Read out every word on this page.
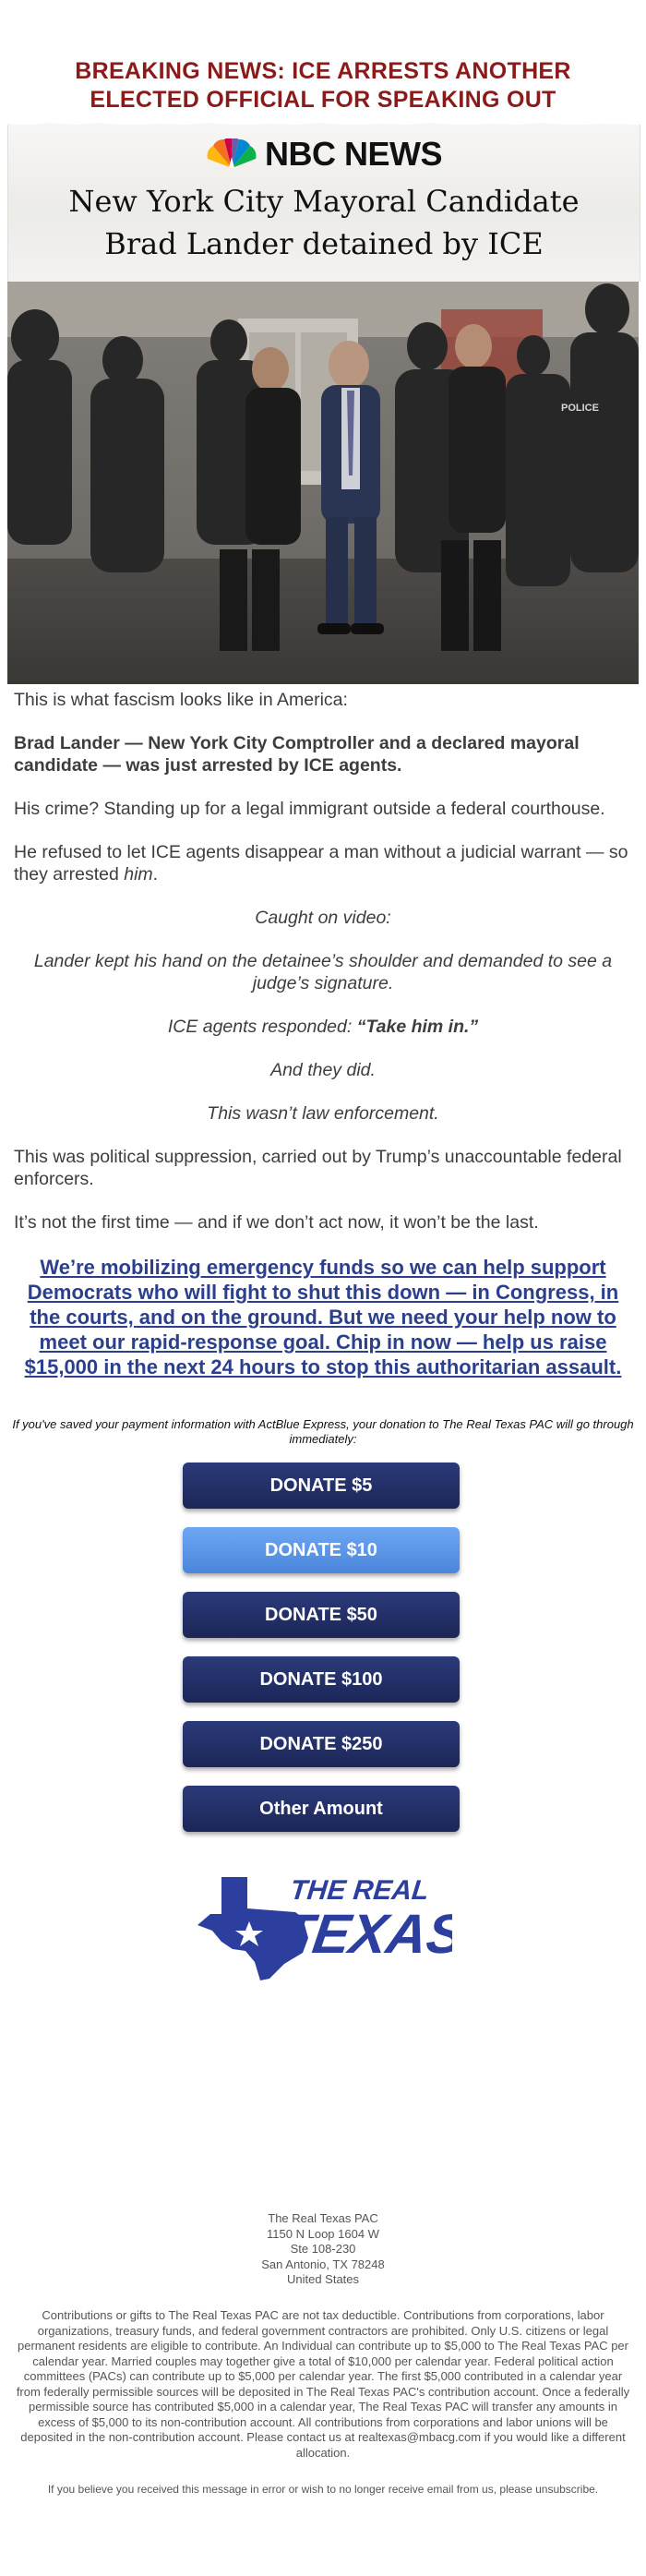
BREAKING NEWS: ICE ARRESTS ANOTHER
ELECTED OFFICIAL FOR SPEAKING OUT
NBC NEWS
New York City Mayoral Candidate
Brad Lander detained by ICE
POLICE

This is what fascism looks like in America:

Brad Lander — New York City Comptroller and a declared mayoral candidate — was just arrested by ICE agents.

His crime? Standing up for a legal immigrant outside a federal courthouse.

He refused to let ICE agents disappear a man without a judicial warrant — so they arrested him.

Caught on video:

Lander kept his hand on the detainee’s shoulder and demanded to see a judge’s signature.

ICE agents responded: “Take him in.”

And they did.

This wasn’t law enforcement.

This was political suppression, carried out by Trump’s unaccountable federal enforcers.

It’s not the first time — and if we don’t act now, it won’t be the last.

We’re mobilizing emergency funds so we can help support Democrats who will fight to shut this down — in Congress, in the courts, and on the ground. But we need your help now to meet our rapid-response goal. Chip in now — help us raise $15,000 in the next 24 hours to stop this authoritarian assault.

If you've saved your payment information with ActBlue Express, your donation to The Real Texas PAC will go through immediately:
DONATE $5
DONATE $10
DONATE $50
DONATE $100
DONATE $250
Other Amount
THE REAL
TEXAS
The Real Texas PAC
1150 N Loop 1604 W
Ste 108-230
San Antonio, TX 78248
United States
Contributions or gifts to The Real Texas PAC are not tax deductible. Contributions from corporations, labor organizations, treasury funds, and federal government contractors are prohibited. Only U.S. citizens or legal permanent residents are eligible to contribute. An Individual can contribute up to $5,000 to The Real Texas PAC per calendar year. Married couples may together give a total of $10,000 per calendar year. Federal political action committees (PACs) can contribute up to $5,000 per calendar year. The first $5,000 contributed in a calendar year from federally permissible sources will be deposited in The Real Texas PAC's contribution account. Once a federally permissible source has contributed $5,000 in a calendar year, The Real Texas PAC will transfer any amounts in excess of $5,000 to its non-contribution account. All contributions from corporations and labor unions will be deposited in the non-contribution account. Please contact us at realtexas@mbacg.com if you would like a different allocation.
If you believe you received this message in error or wish to no longer receive email from us, please unsubscribe.
